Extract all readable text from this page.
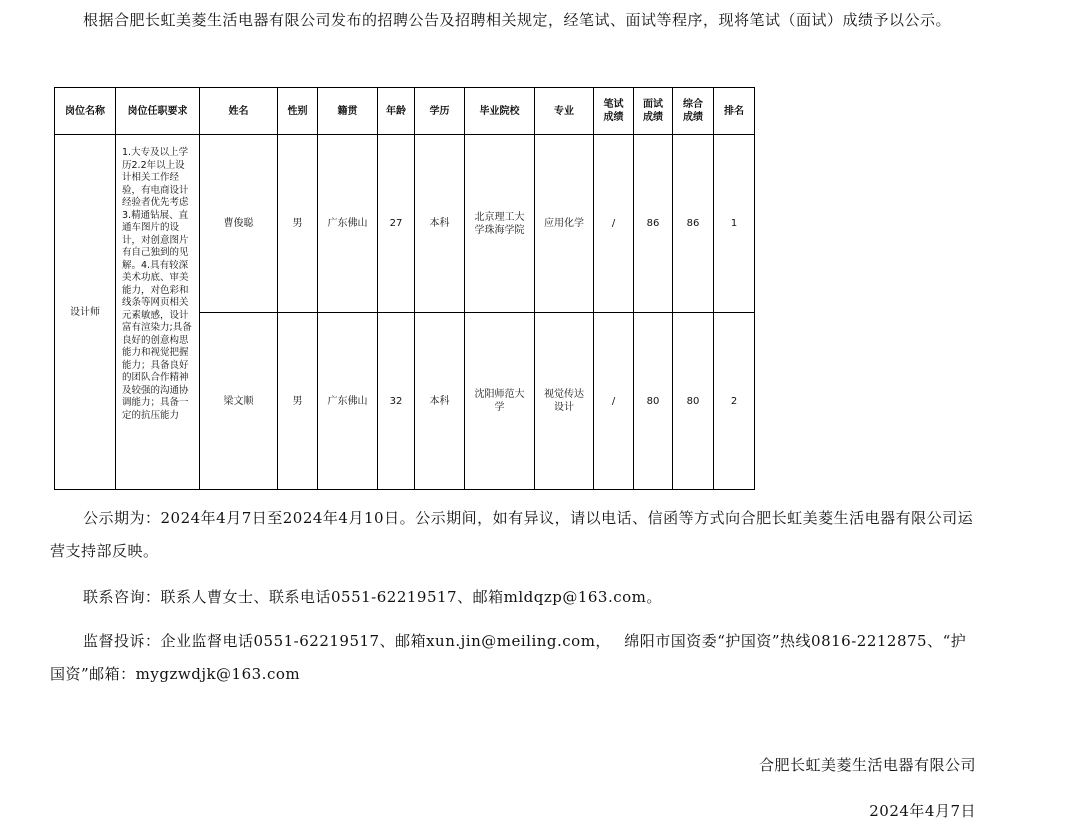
根据合肥长虹美菱生活电器有限公司发布的招聘公告及招聘相关规定，经笔试、面试等程序，现将笔试（面试）成绩予以公示。

岗位名称	岗位任职要求	姓名	性别	籍贯	年龄	学历	毕业院校	专业	笔试成绩	面试成绩	综合成绩	排名
设计师	1.大专及以上学历2.2年以上设计相关工作经验，有电商设计经验者优先考虑3.精通钻展、直通车图片的设计，对创意图片有自己独到的见解。4.具有较深美术功底、审美能力，对色彩和线条等网页相关元素敏感，设计富有渲染力;具备良好的创意构思能力和视觉把握能力；具备良好的团队合作精神及较强的沟通协调能力；具备一定的抗压能力	曹俊聪	男	广东佛山	27	本科	北京理工大学珠海学院	应用化学	/	86	86	1
		梁文顺	男	广东佛山	32	本科	沈阳师范大学	视觉传达设计	/	80	80	2

公示期为：2024年4月7日至2024年4月10日。公示期间，如有异议，请以电话、信函等方式向合肥长虹美菱生活电器有限公司运营支持部反映。

联系咨询：联系人曹女士、联系电话0551-62219517、邮箱mldqzp@163.com。

监督投诉：企业监督电话0551-62219517、邮箱xun.jin@meiling.com，　 绵阳市国资委“护国资”热线0816-2212875、“护国资”邮箱：mygzwdjk@163.com

合肥长虹美菱生活电器有限公司

2024年4月7日
